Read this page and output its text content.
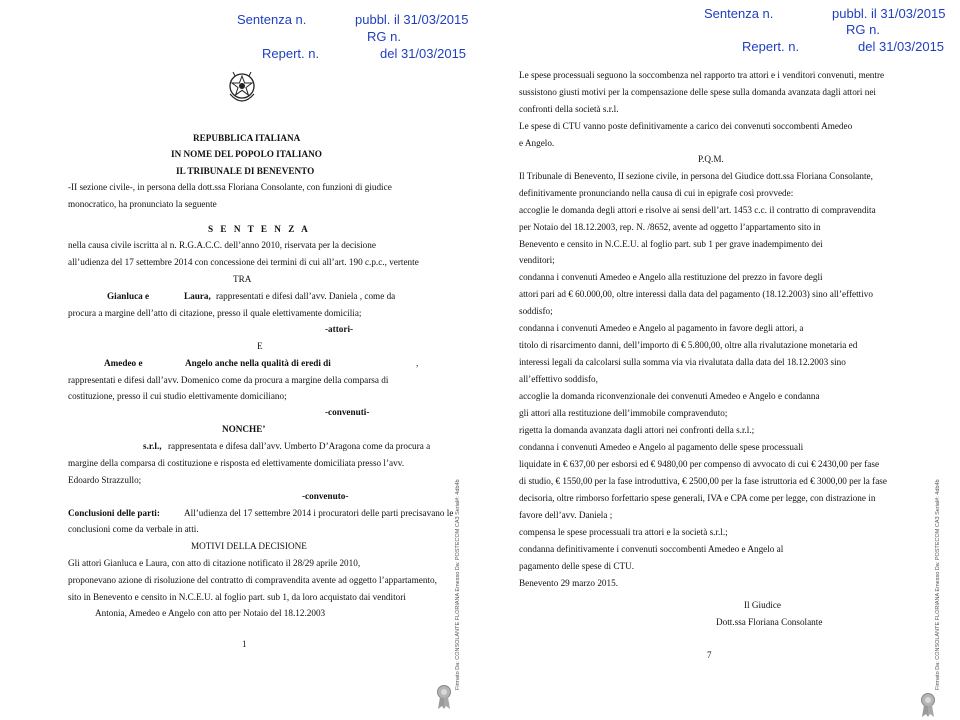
Sentenza n.	pubbl. il 31/03/2015
RG n.
Repert. n.	del 31/03/2015
REPUBBLICA ITALIANA
IN NOME DEL POPOLO ITALIANO
IL TRIBUNALE DI BENEVENTO
-II sezione civile-, in persona della dott.ssa Floriana Consolante, con funzioni di giudice
monocratico, ha pronunciato la seguente
S E N T E N Z A
nella causa civile iscritta al n. R.G.A.C.C. dell’anno 2010, riservata per la decisione
all’udienza del 17 settembre 2014 con concessione dei termini di cui all’art. 190 c.p.c., vertente
TRA
Gianluca e	Laura, rappresentati e difesi dall’avv. Daniela , come da
procura a margine dell’atto di citazione, presso il quale elettivamente domicilia;
-attori-
E
Amedeo e	Angelo anche nella qualità di eredi di	,
rappresentati e difesi dall’avv. Domenico come da procura a margine della comparsa di
costituzione, presso il cui studio elettivamente domiciliano;
-convenuti-
NONCHE’
s.r.l., rappresentata e difesa dall’avv. Umberto D’Aragona come da procura a
margine della comparsa di costituzione e risposta ed elettivamente domiciliata presso l’avv.
Edoardo Strazzullo;
-convenuto-
Conclusioni delle parti:	All’udienza del 17 settembre 2014 i procuratori delle parti precisavano le
conclusioni come da verbale in atti.
MOTIVI DELLA DECISIONE
Gli attori Gianluca e Laura, con atto di citazione notificato il 28/29 aprile 2010,
proponevano azione di risoluzione del contratto di compravendita avente ad oggetto l’appartamento,
sito in Benevento e censito in N.C.E.U. al foglio part. sub 1, da loro acquistato dai venditori
Antonia, Amedeo e Angelo con atto per Notaio del 18.12.2003
1	Firmato Da: CONSOLANTE FLORIANA Emesso Da: POSTECOM CA3 Serial#: 4db4b
Sentenza n.	pubbl. il 31/03/2015
RG n.
Repert. n.	del 31/03/2015
Le spese processuali seguono la soccombenza nel rapporto tra attori e i venditori convenuti, mentre
sussistono giusti motivi per la compensazione delle spese sulla domanda avanzata dagli attori nei
confronti della società s.r.l.
Le spese di CTU vanno poste definitivamente a carico dei convenuti soccombenti Amedeo
e Angelo.
P.Q.M.
Il Tribunale di Benevento, II sezione civile, in persona del Giudice dott.ssa Floriana Consolante,
definitivamente pronunciando nella causa di cui in epigrafe così provvede:
accoglie le domanda degli attori e risolve ai sensi dell’art. 1453 c.c. il contratto di compravendita
per Notaio del 18.12.2003, rep. N. /8652, avente ad oggetto l’appartamento sito in
Benevento e censito in N.C.E.U. al foglio part. sub 1 per grave inadempimento dei
venditori;
condanna i convenuti Amedeo e Angelo alla restituzione del prezzo in favore degli
attori pari ad € 60.000,00, oltre interessi dalla data del pagamento (18.12.2003) sino all’effettivo
soddisfo;
condanna i convenuti Amedeo e Angelo al pagamento in favore degli attori, a
titolo di risarcimento danni, dell’importo di € 5.800,00, oltre alla rivalutazione monetaria ed
interessi legali da calcolarsi sulla somma via via rivalutata dalla data del 18.12.2003 sino
all’effettivo soddisfo,
accoglie la domanda riconvenzionale dei convenuti Amedeo e Angelo e condanna
gli attori alla restituzione dell’immobile compravenduto;
rigetta la domanda avanzata dagli attori nei confronti della s.r.l.;
condanna i convenuti Amedeo e Angelo al pagamento delle spese processuali
liquidate in € 637,00 per esborsi ed € 9480,00 per compenso di avvocato di cui € 2430,00 per fase
di studio, € 1550,00 per la fase introduttiva, € 2500,00 per la fase istruttoria ed € 3000,00 per la fase
decisoria, oltre rimborso forfettario spese generali, IVA e CPA come per legge, con distrazione in
favore dell’avv. Daniela ;
compensa le spese processuali tra attori e la società s.r.l.;
condanna definitivamente i convenuti soccombenti Amedeo e Angelo al
pagamento delle spese di CTU.
Benevento 29 marzo 2015.
Il Giudice
Dott.ssa Floriana Consolante
7	Firmato Da: CONSOLANTE FLORIANA Emesso Da: POSTECOM CA3 Serial#: 4db4b
